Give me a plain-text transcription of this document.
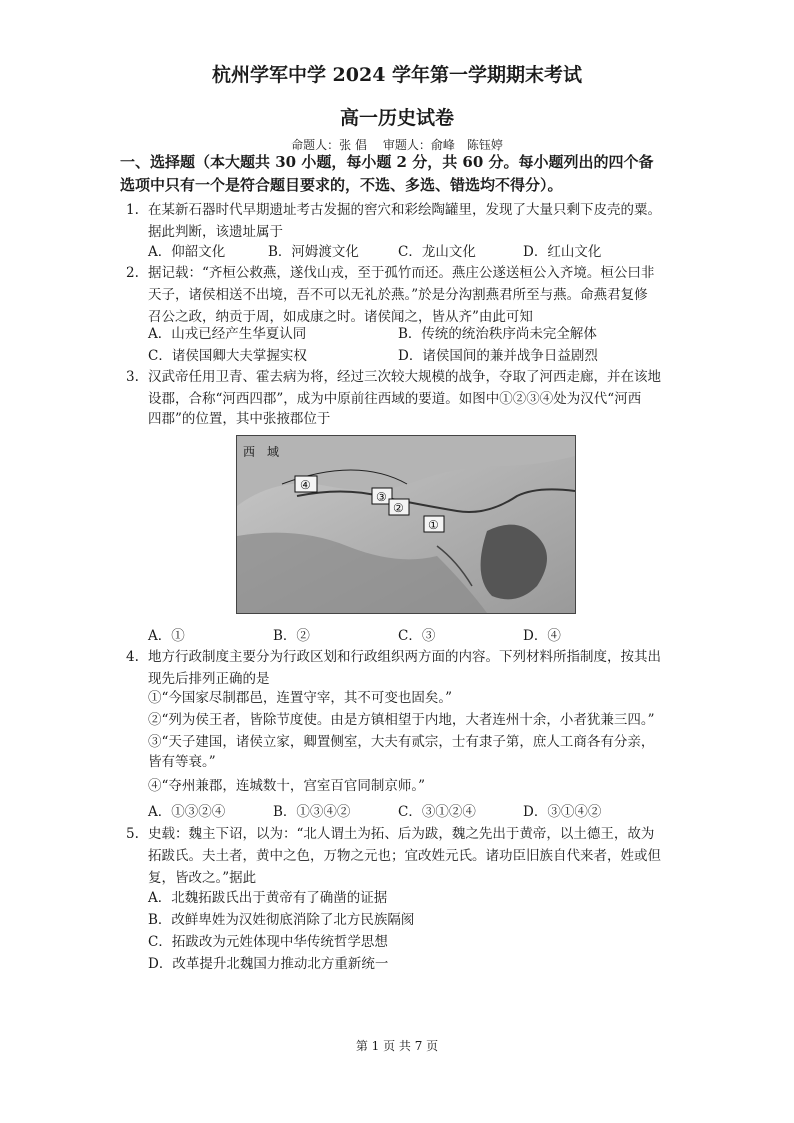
杭州学军中学 2024 学年第一学期期末考试
高一历史试卷
命题人：张 倡 审题人：俞峰　陈钰婷
一、选择题（本大题共 30 小题，每小题 2 分，共 60 分。每小题列出的四个备
选项中只有一个是符合题目要求的，不选、多选、错选均不得分）。
1. 在某新石器时代早期遗址考古发掘的窖穴和彩绘陶罐里，发现了大量只剩下皮壳的粟。
据此判断，该遗址属于
A．仰韶文化	B．河姆渡文化	C．龙山文化	D．红山文化
2. 据记载：“齐桓公救燕，遂伐山戎，至于孤竹而还。燕庄公遂送桓公入齐境。桓公曰非
天子，诸侯相送不出境，吾不可以无礼於燕。”於是分沟割燕君所至与燕。命燕君复修
召公之政，纳贡于周，如成康之时。诸侯闻之，皆从齐”由此可知
A．山戎已经产生华夏认同	B．传统的统治秩序尚未完全解体
C．诸侯国卿大夫掌握实权	D．诸侯国间的兼并战争日益剧烈
3. 汉武帝任用卫青、霍去病为将，经过三次较大规模的战争，夺取了河西走廊，并在该地
设郡，合称“河西四郡”，成为中原前往西域的要道。如图中①②③④处为汉代“河西
四郡”的位置，其中张掖郡位于
西　域
④
③
②
①
A．①	B．②	C．③	D．④
4. 地方行政制度主要分为行政区划和行政组织两方面的内容。下列材料所指制度，按其出
现先后排列正确的是
①“今国家尽制郡邑，连置守宰，其不可变也固矣。”
②“列为侯王者，皆除节度使。由是方镇相望于内地，大者连州十余，小者犹兼三四。”
③“天子建国，诸侯立家，卿置侧室，大夫有贰宗，士有隶子第，庶人工商各有分亲，
皆有等衰。”
④“夺州兼郡，连城数十，宫室百官同制京师。”
A．①③②④	B．①③④②	C．③①②④	D．③①④②
5. 史载：魏主下诏，以为：“北人谓土为拓、后为跋，魏之先出于黄帝，以土德王，故为
拓跋氏。夫土者，黄中之色，万物之元也；宜改姓元氏。诸功臣旧族自代来者，姓或但
复，皆改之。”据此
A．北魏拓跋氏出于黄帝有了确凿的证据
B．改鲜卑姓为汉姓彻底消除了北方民族隔阂
C．拓跋改为元姓体现中华传统哲学思想
D．改革提升北魏国力推动北方重新统一
第 1 页 共 7 页
